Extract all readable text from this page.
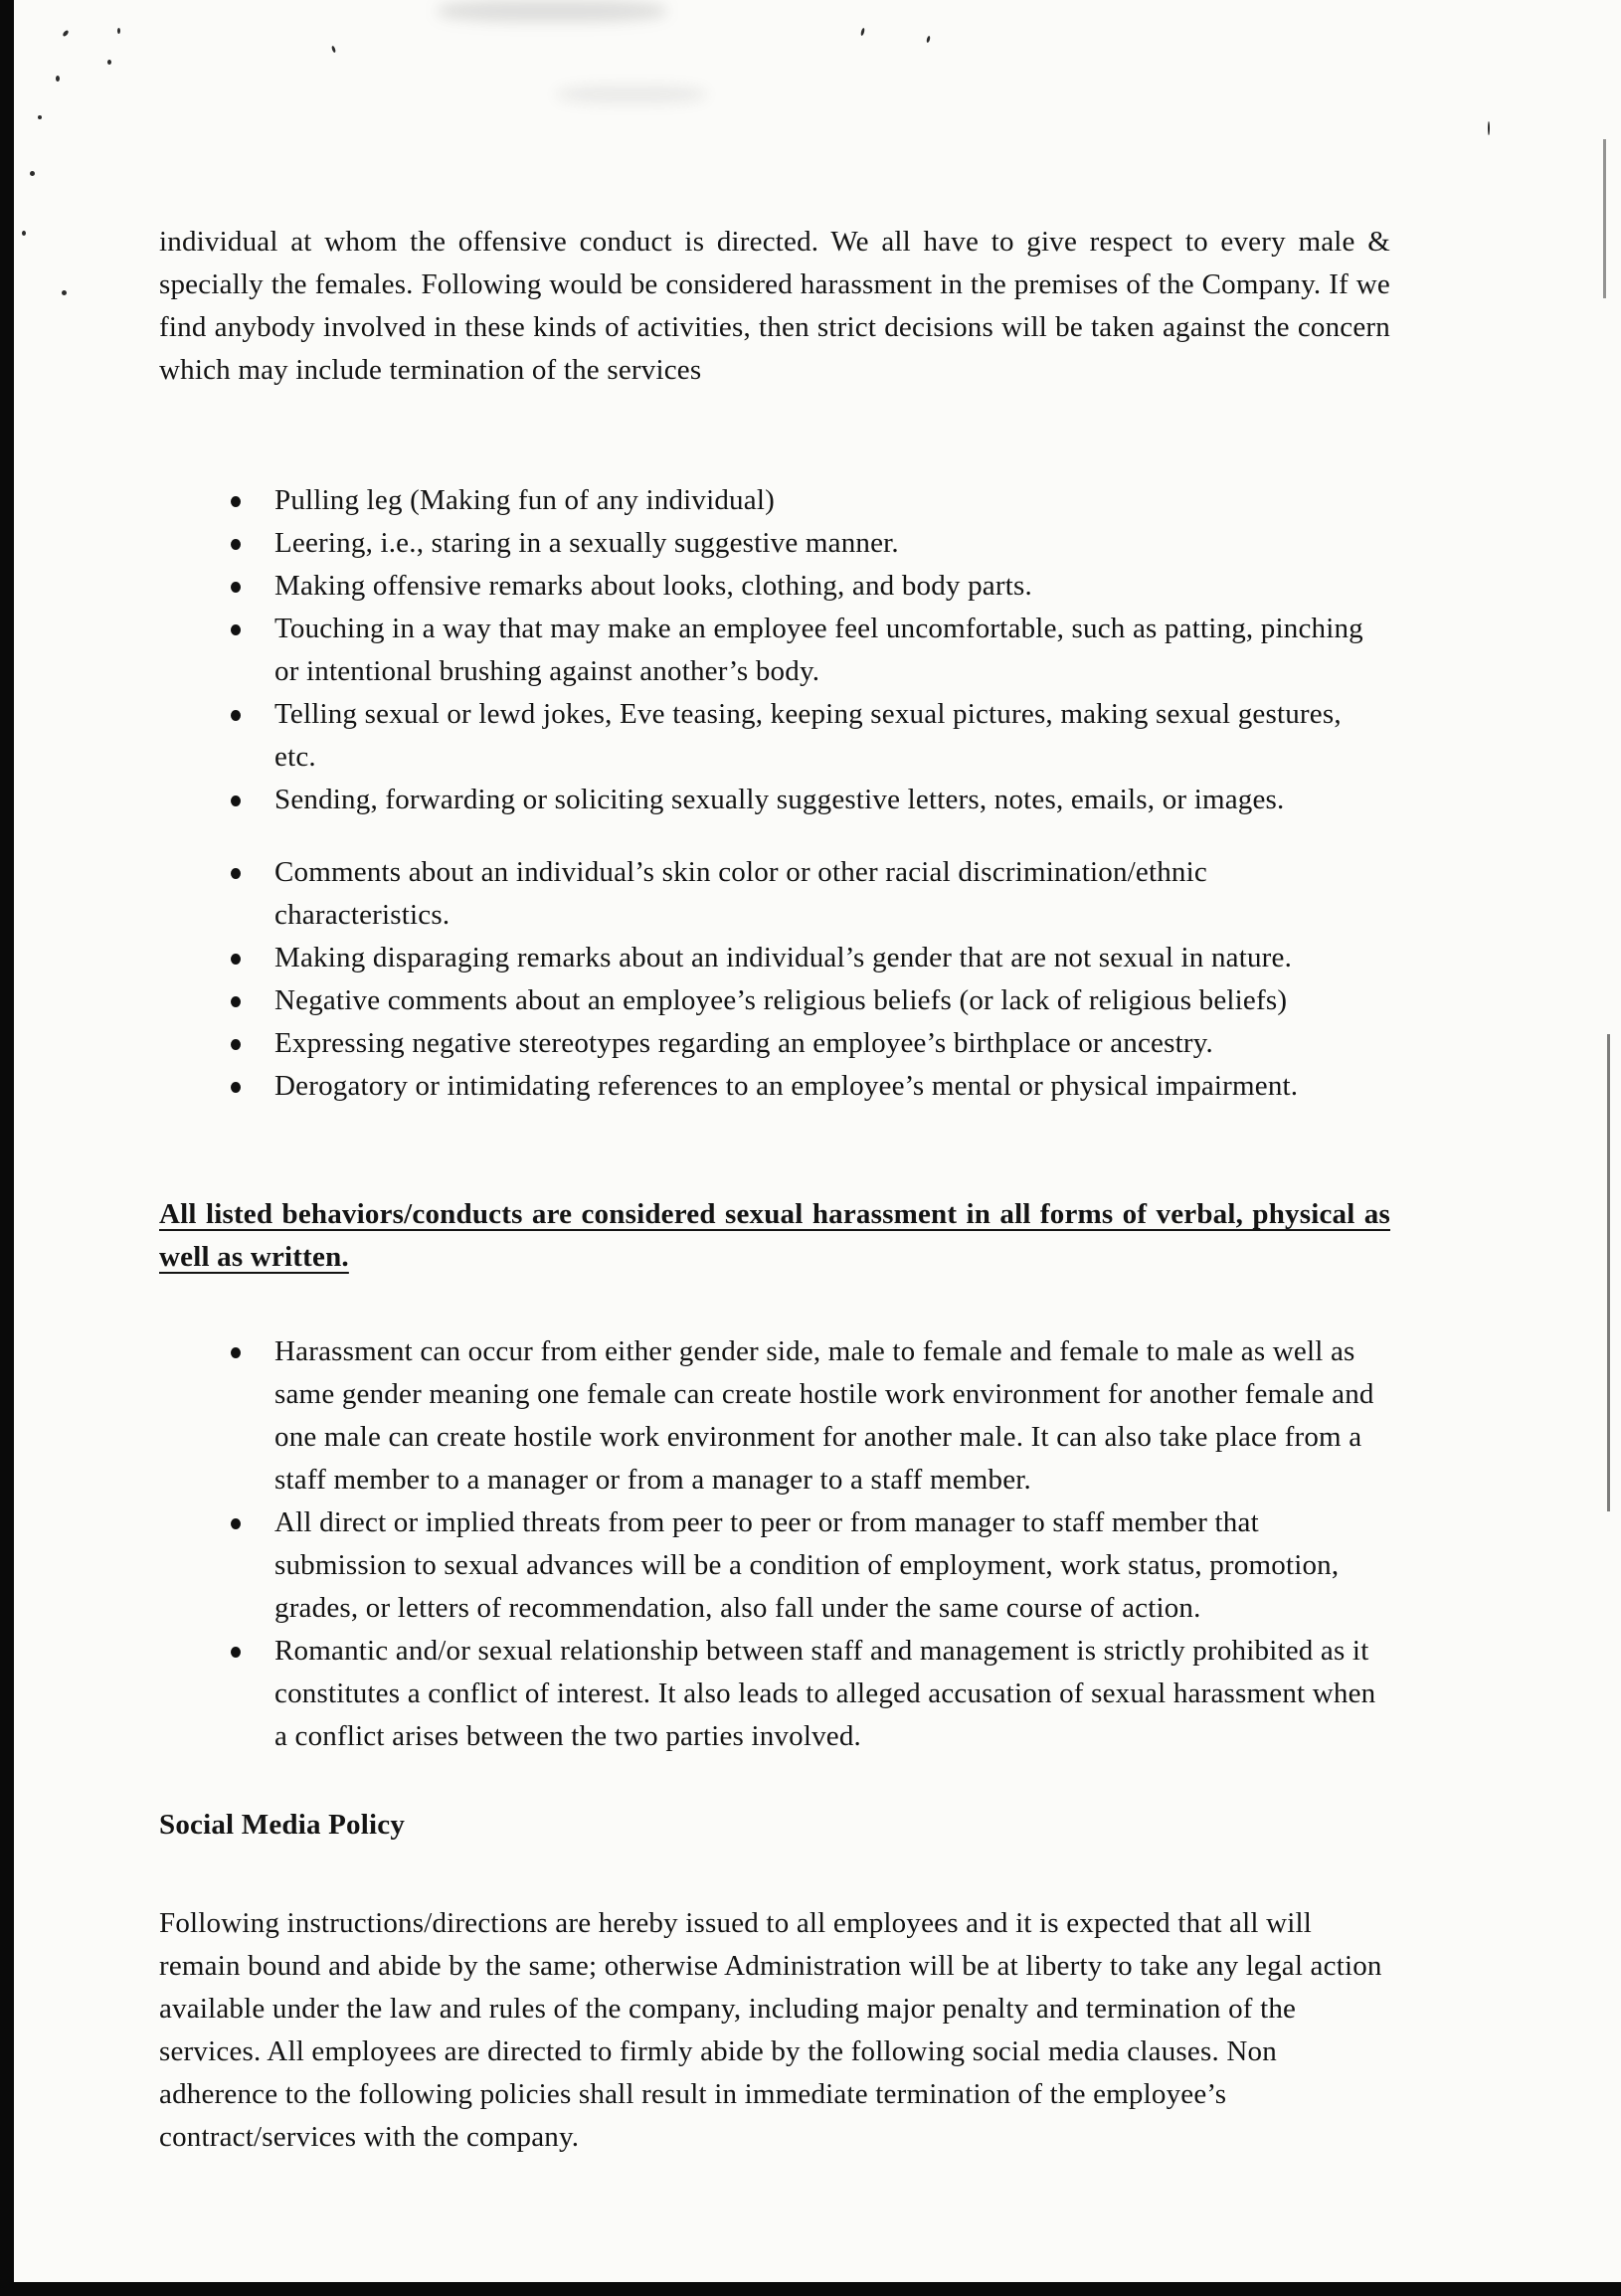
individual at whom the offensive conduct is directed. We all have to give respect to every male & specially the females. Following would be considered harassment in the premises of the Company. If we find anybody involved in these kinds of activities, then strict decisions will be taken against the concern which may include termination of the services

Pulling leg (Making fun of any individual)
Leering, i.e., staring in a sexually suggestive manner.
Making offensive remarks about looks, clothing, and body parts.
Touching in a way that may make an employee feel uncomfortable, such as patting, pinching or intentional brushing against another’s body.
Telling sexual or lewd jokes, Eve teasing, keeping sexual pictures, making sexual gestures, etc.
Sending, forwarding or soliciting sexually suggestive letters, notes, emails, or images.
Comments about an individual’s skin color or other racial discrimination/ethnic characteristics.
Making disparaging remarks about an individual’s gender that are not sexual in nature.
Negative comments about an employee’s religious beliefs (or lack of religious beliefs)
Expressing negative stereotypes regarding an employee’s birthplace or ancestry.
Derogatory or intimidating references to an employee’s mental or physical impairment.

All listed behaviors/conducts are considered sexual harassment in all forms of verbal, physical as well as written.

Harassment can occur from either gender side, male to female and female to male as well as same gender meaning one female can create hostile work environment for another female and one male can create hostile work environment for another male. It can also take place from a staff member to a manager or from a manager to a staff member.
All direct or implied threats from peer to peer or from manager to staff member that submission to sexual advances will be a condition of employment, work status, promotion, grades, or letters of recommendation, also fall under the same course of action.
Romantic and/or sexual relationship between staff and management is strictly prohibited as it constitutes a conflict of interest. It also leads to alleged accusation of sexual harassment when a conflict arises between the two parties involved.
Social Media Policy

Following instructions/directions are hereby issued to all employees and it is expected that all will remain bound and abide by the same; otherwise Administration will be at liberty to take any legal action available under the law and rules of the company, including major penalty and termination of the services. All employees are directed to firmly abide by the following social media clauses. Non adherence to the following policies shall result in immediate termination of the employee’s contract/services with the company.
